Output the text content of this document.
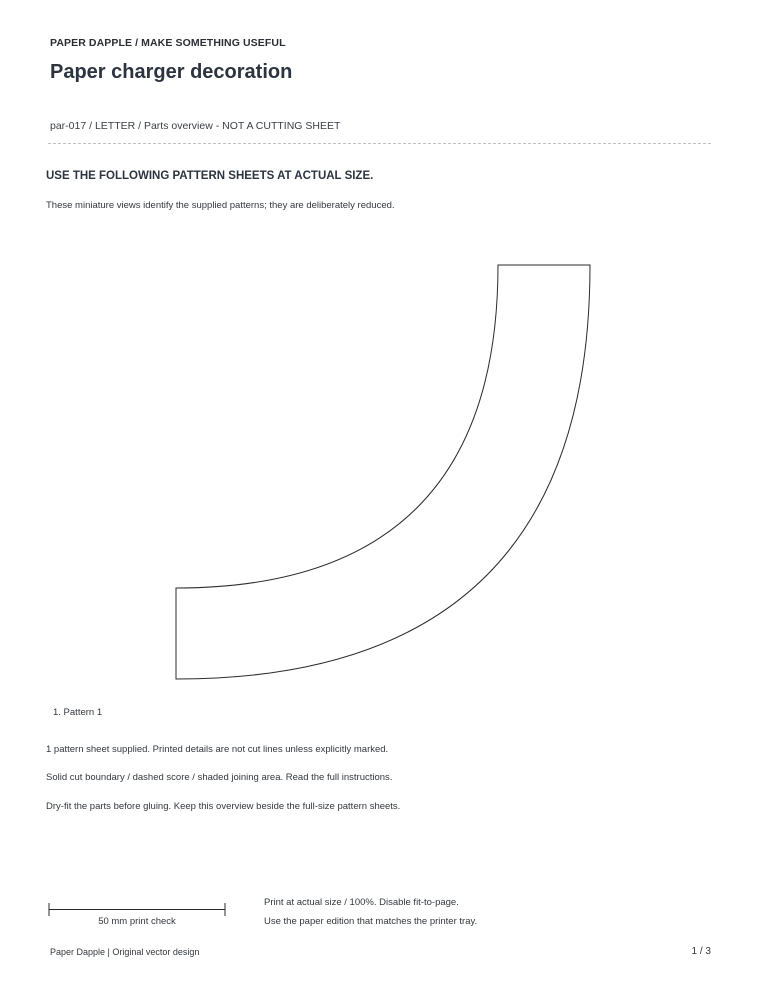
PAPER DAPPLE / MAKE SOMETHING USEFUL
Paper charger decoration
par-017 / LETTER / Parts overview - NOT A CUTTING SHEET
USE THE FOLLOWING PATTERN SHEETS AT ACTUAL SIZE.
These miniature views identify the supplied patterns; they are deliberately reduced.
1. Pattern 1
1 pattern sheet supplied. Printed details are not cut lines unless explicitly marked.
Solid cut boundary / dashed score / shaded joining area. Read the full instructions.
Dry-fit the parts before gluing. Keep this overview beside the full-size pattern sheets.
50 mm print check
Print at actual size / 100%. Disable fit-to-page.
Use the paper edition that matches the printer tray.
Paper Dapple | Original vector design	1 / 3
